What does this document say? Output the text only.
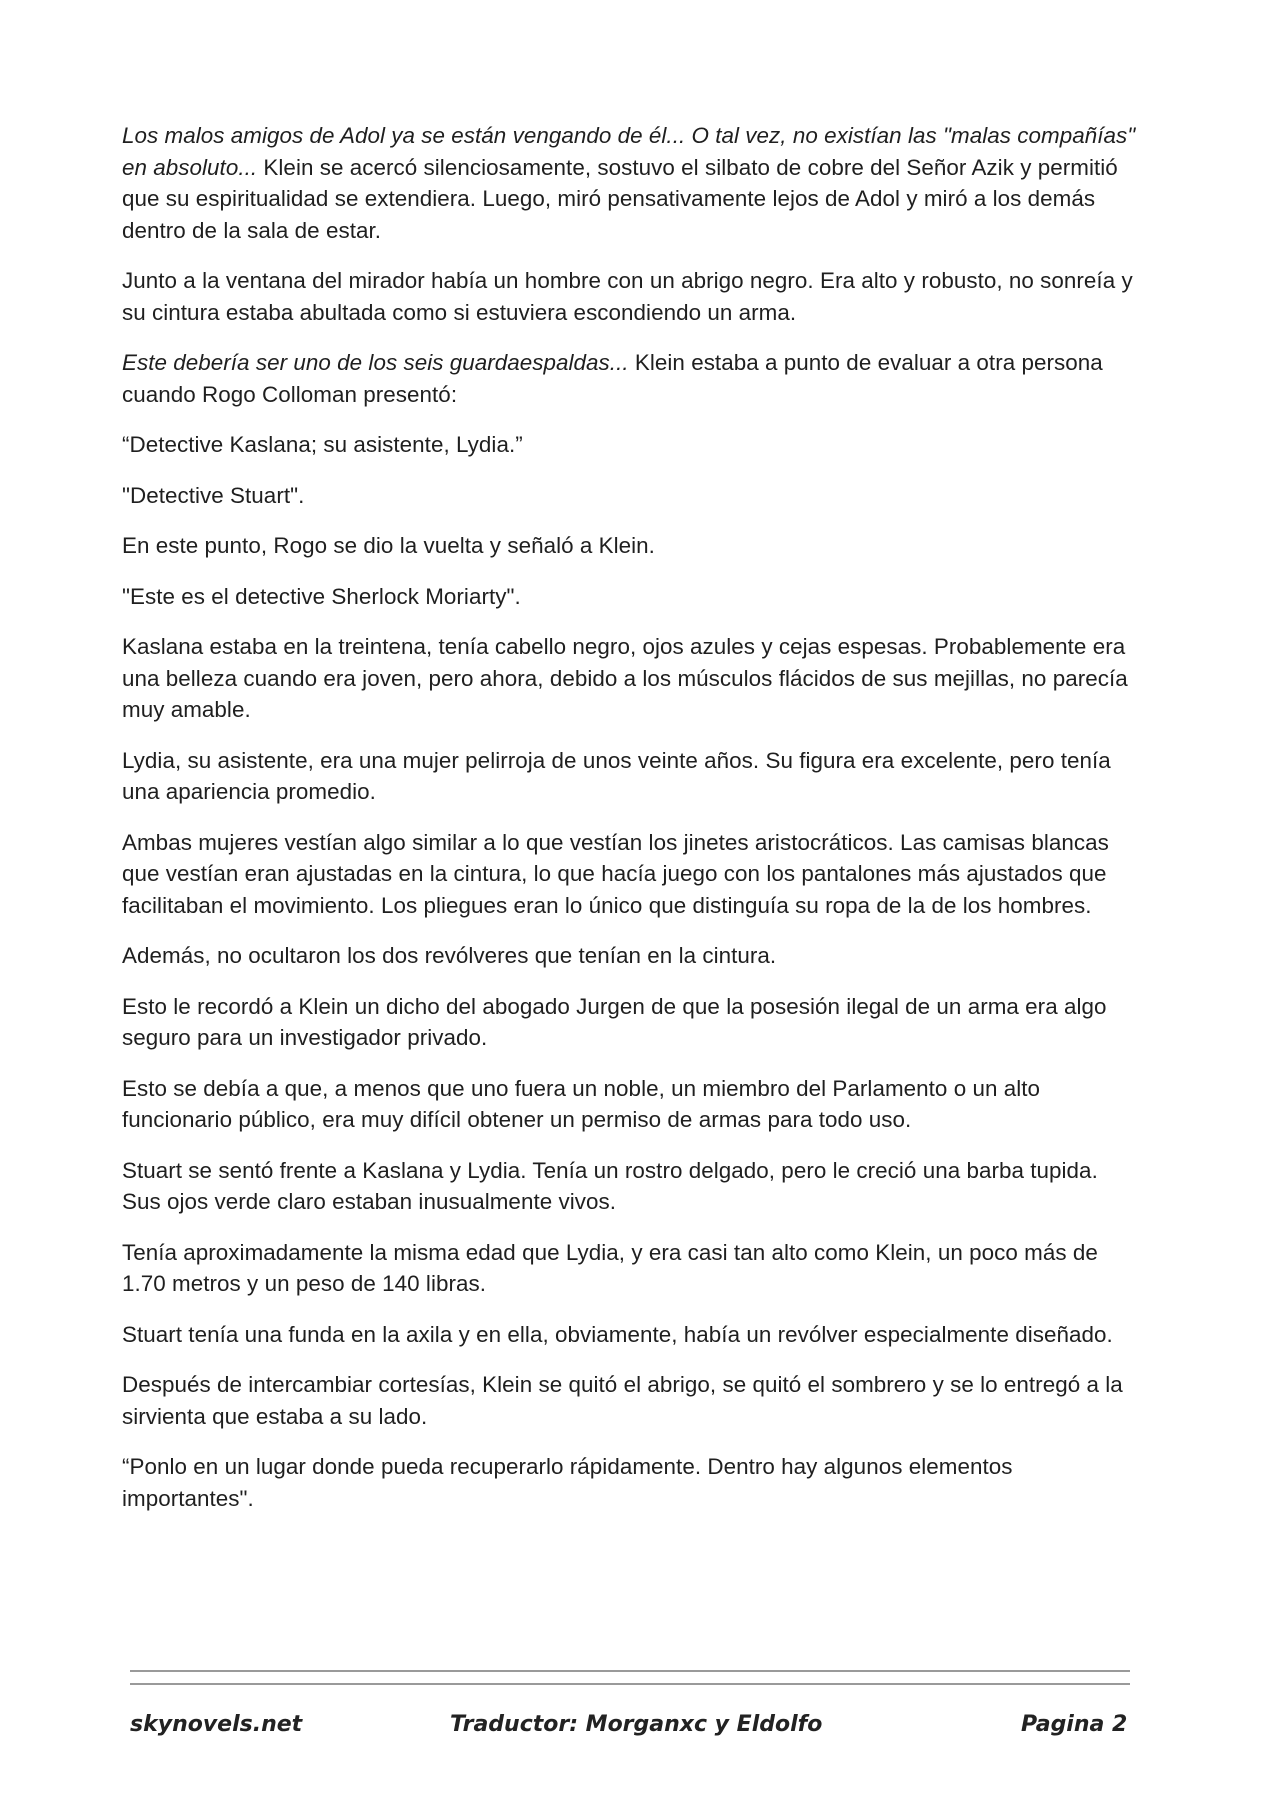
Los malos amigos de Adol ya se están vengando de él... O tal vez, no existían las "malas compañías" en absoluto... Klein se acercó silenciosamente, sostuvo el silbato de cobre del Señor Azik y permitió que su espiritualidad se extendiera. Luego, miró pensativamente lejos de Adol y miró a los demás dentro de la sala de estar.

Junto a la ventana del mirador había un hombre con un abrigo negro. Era alto y robusto, no sonreía y su cintura estaba abultada como si estuviera escondiendo un arma.

Este debería ser uno de los seis guardaespaldas... Klein estaba a punto de evaluar a otra persona cuando Rogo Colloman presentó:

“Detective Kaslana; su asistente, Lydia.”

"Detective Stuart".

En este punto, Rogo se dio la vuelta y señaló a Klein.

"Este es el detective Sherlock Moriarty".

Kaslana estaba en la treintena, tenía cabello negro, ojos azules y cejas espesas. Probablemente era una belleza cuando era joven, pero ahora, debido a los músculos flácidos de sus mejillas, no parecía muy amable.

Lydia, su asistente, era una mujer pelirroja de unos veinte años. Su figura era excelente, pero tenía una apariencia promedio.

Ambas mujeres vestían algo similar a lo que vestían los jinetes aristocráticos. Las camisas blancas que vestían eran ajustadas en la cintura, lo que hacía juego con los pantalones más ajustados que facilitaban el movimiento. Los pliegues eran lo único que distinguía su ropa de la de los hombres.

Además, no ocultaron los dos revólveres que tenían en la cintura.

Esto le recordó a Klein un dicho del abogado Jurgen de que la posesión ilegal de un arma era algo seguro para un investigador privado.

Esto se debía a que, a menos que uno fuera un noble, un miembro del Parlamento o un alto funcionario público, era muy difícil obtener un permiso de armas para todo uso.

Stuart se sentó frente a Kaslana y Lydia. Tenía un rostro delgado, pero le creció una barba tupida. Sus ojos verde claro estaban inusualmente vivos.

Tenía aproximadamente la misma edad que Lydia, y era casi tan alto como Klein, un poco más de 1.70 metros y un peso de 140 libras.

Stuart tenía una funda en la axila y en ella, obviamente, había un revólver especialmente diseñado.

Después de intercambiar cortesías, Klein se quitó el abrigo, se quitó el sombrero y se lo entregó a la sirvienta que estaba a su lado.

“Ponlo en un lugar donde pueda recuperarlo rápidamente. Dentro hay algunos elementos importantes".

skynovels.net	Traductor: Morganxc y Eldolfo	Pagina 2
